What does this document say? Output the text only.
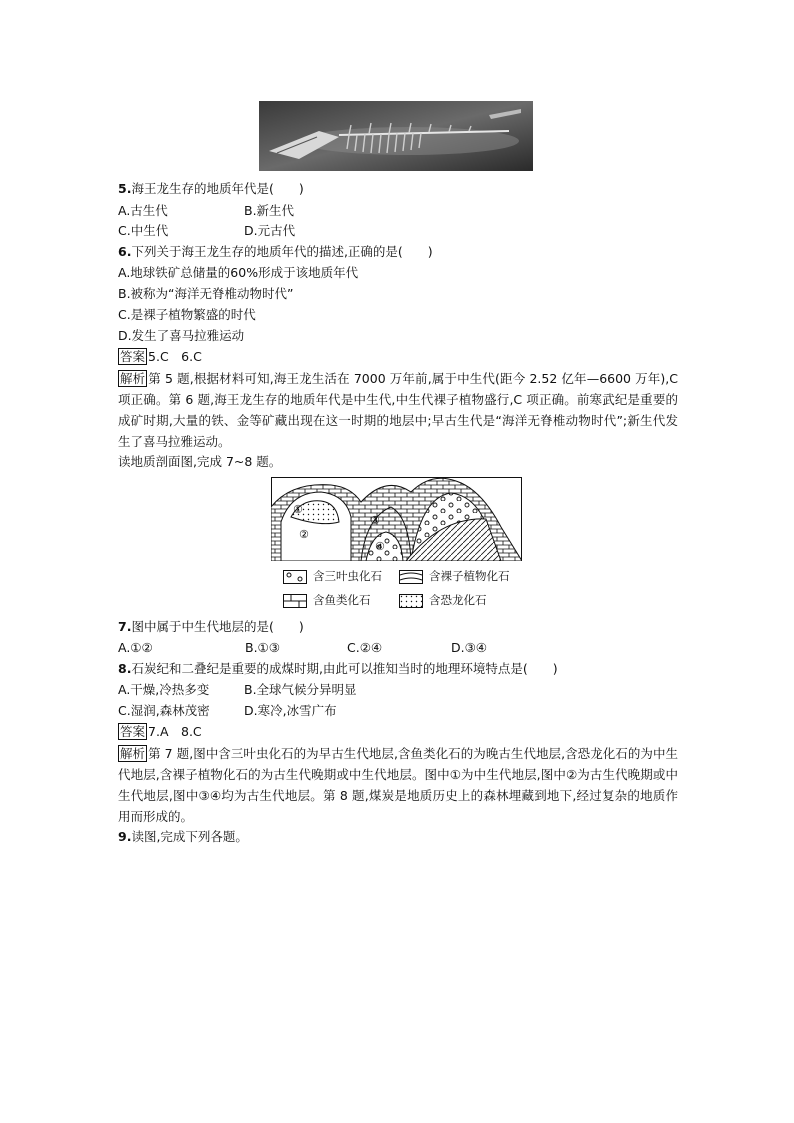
5.海王龙生存的地质年代是(　　)
A.古生代	B.新生代
C.中生代	D.元古代
6.下列关于海王龙生存的地质年代的描述,正确的是(　　)
A.地球铁矿总储量的60%形成于该地质年代
B.被称为“海洋无脊椎动物时代”
C.是裸子植物繁盛的时代
D.发生了喜马拉雅运动
答案 5.C　6.C
解析 第 5 题,根据材料可知,海王龙生活在 7000 万年前,属于中生代(距今 2.52 亿年—6600 万年),C 项正确。第 6 题,海王龙生存的地质年代是中生代,中生代裸子植物盛行,C 项正确。前寒武纪是重要的成矿时期,大量的铁、金等矿藏出现在这一时期的地层中;早古生代是“海洋无脊椎动物时代”;新生代发生了喜马拉雅运动。
读地质剖面图,完成 7~8 题。
①
②
③
④
含三叶虫化石	含裸子植物化石
含鱼类化石	含恐龙化石
7.图中属于中生代地层的是(　　)
A.①②	B.①③	C.②④	D.③④
8.石炭纪和二叠纪是重要的成煤时期,由此可以推知当时的地理环境特点是(　　)
A.干燥,冷热多变	B.全球气候分异明显
C.湿润,森林茂密	D.寒冷,冰雪广布
答案 7.A　8.C
解析 第 7 题,图中含三叶虫化石的为早古生代地层,含鱼类化石的为晚古生代地层,含恐龙化石的为中生代地层,含裸子植物化石的为古生代晚期或中生代地层。图中①为中生代地层,图中②为古生代晚期或中生代地层,图中③④均为古生代地层。第 8 题,煤炭是地质历史上的森林埋藏到地下,经过复杂的地质作用而形成的。
9.读图,完成下列各题。
